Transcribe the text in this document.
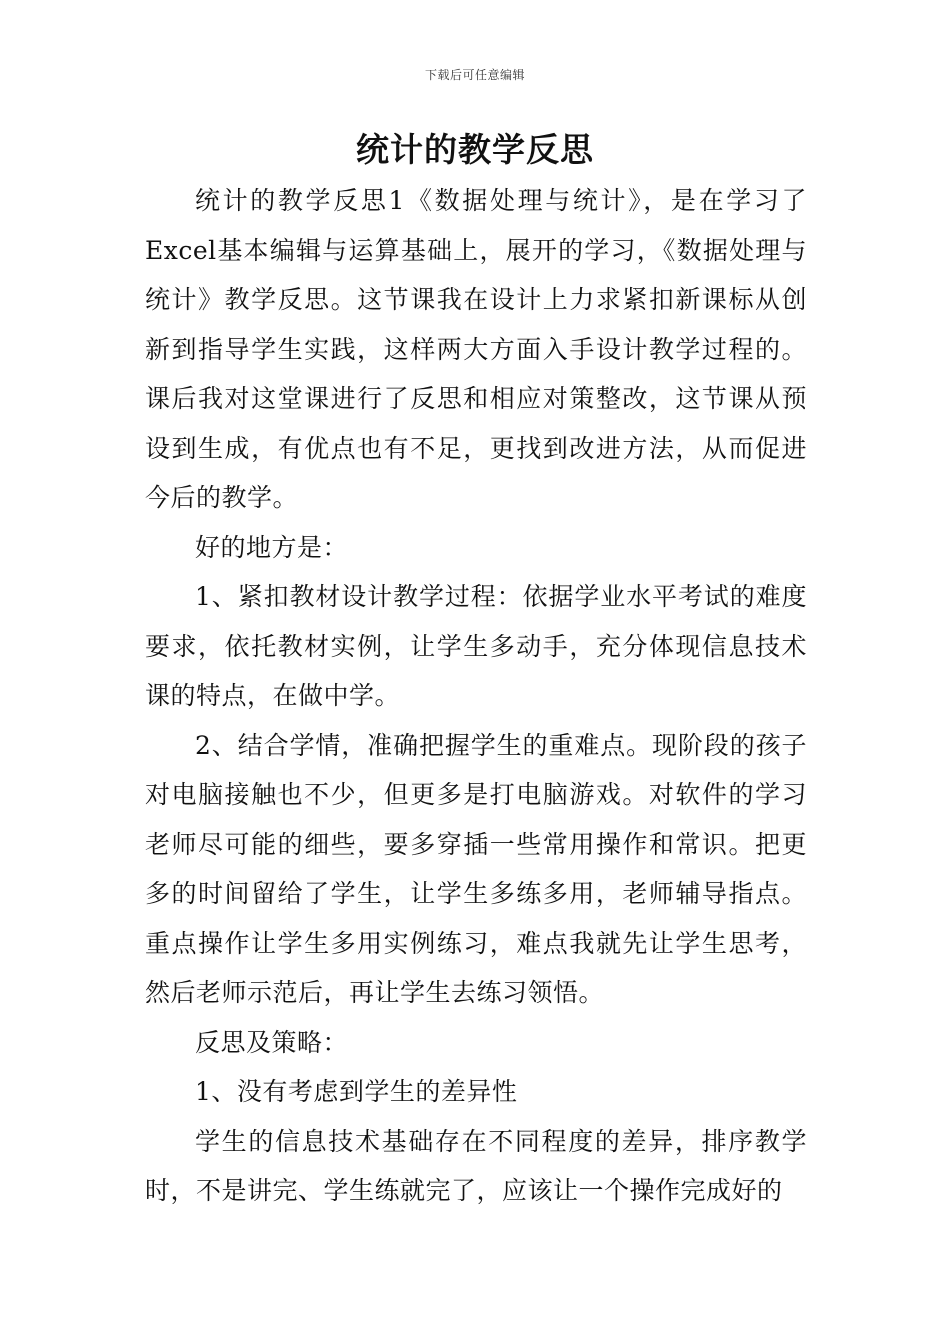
下载后可任意编辑
统计的教学反思

统计的教学反思1《数据处理与统计》，是在学习了Excel基本编辑与运算基础上，展开的学习，《数据处理与统计》教学反思。这节课我在设计上力求紧扣新课标从创新到指导学生实践，这样两大方面入手设计教学过程的。课后我对这堂课进行了反思和相应对策整改，这节课从预设到生成，有优点也有不足，更找到改进方法，从而促进今后的教学。

好的地方是：

1、紧扣教材设计教学过程：依据学业水平考试的难度要求，依托教材实例，让学生多动手，充分体现信息技术课的特点，在做中学。

2、结合学情，准确把握学生的重难点。现阶段的孩子对电脑接触也不少，但更多是打电脑游戏。对软件的学习老师尽可能的细些，要多穿插一些常用操作和常识。把更多的时间留给了学生，让学生多练多用，老师辅导指点。重点操作让学生多用实例练习，难点我就先让学生思考，然后老师示范后，再让学生去练习领悟。

反思及策略：

1、没有考虑到学生的差异性

学生的信息技术基础存在不同程度的差异，排序教学时，不是讲完、学生练就完了，应该让一个操作完成好的
